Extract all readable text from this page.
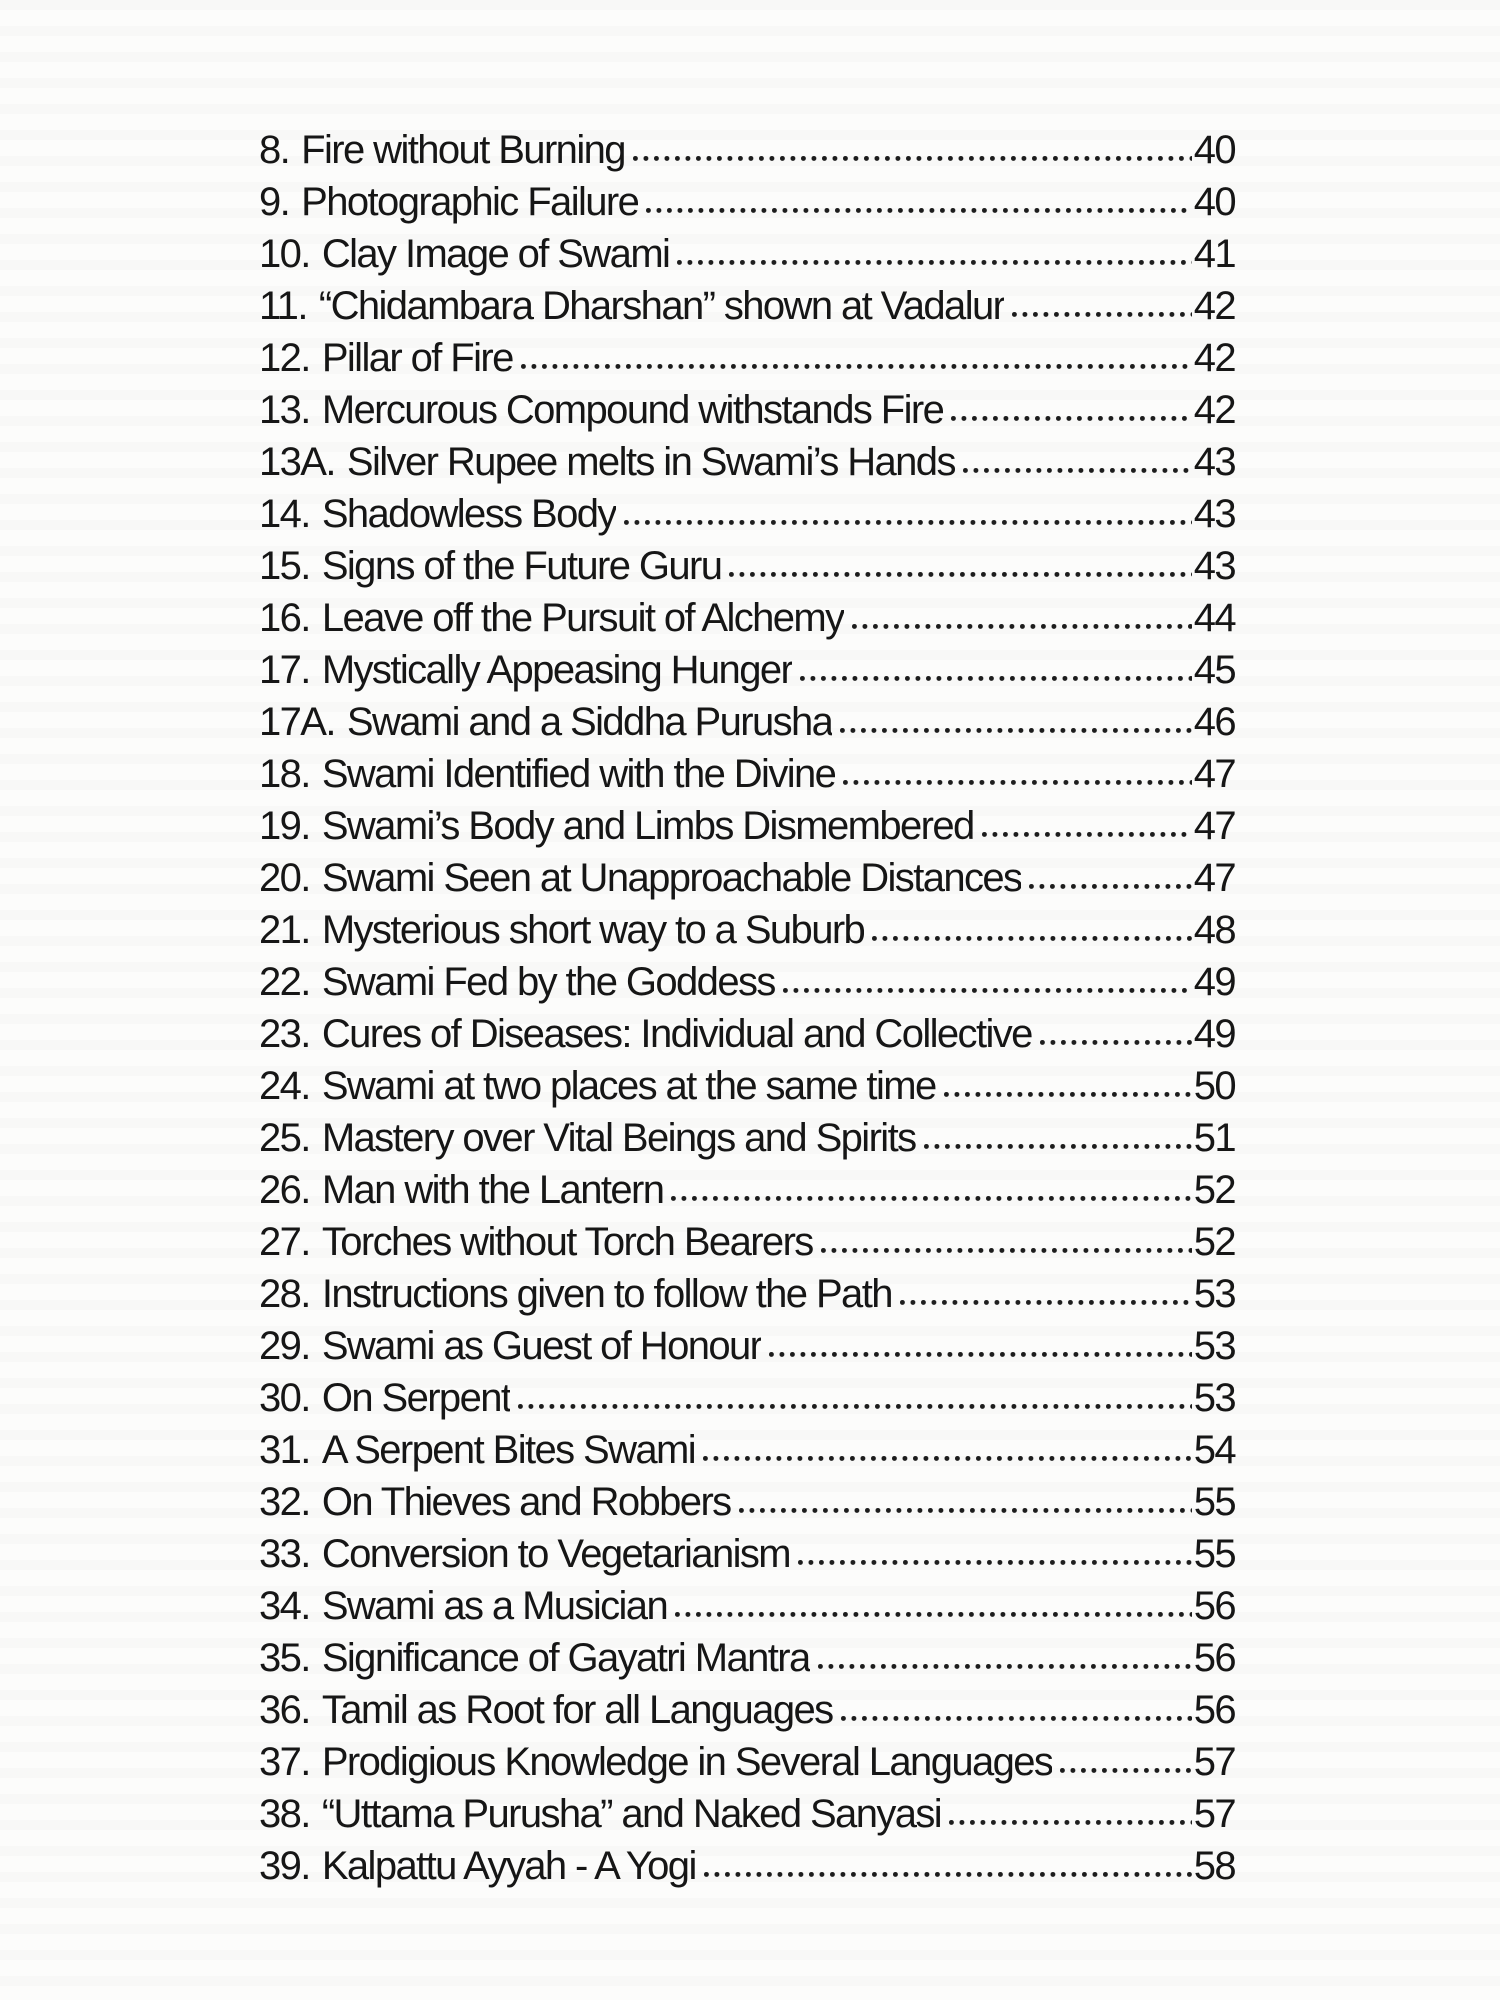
8. Fire without Burning	40
9. Photographic Failure	40
10. Clay Image of Swami	41
11. “Chidambara Dharshan” shown at Vadalur	42
12. Pillar of Fire	42
13. Mercurous Compound withstands Fire	42
13A. Silver Rupee melts in Swami’s Hands	43
14. Shadowless Body	43
15. Signs of the Future Guru	43
16. Leave off the Pursuit of Alchemy	44
17. Mystically Appeasing Hunger	45
17A. Swami and a Siddha Purusha	46
18. Swami Identified with the Divine	47
19. Swami’s Body and Limbs Dismembered	47
20. Swami Seen at Unapproachable Distances	47
21. Mysterious short way to a Suburb	48
22. Swami Fed by the Goddess	49
23. Cures of Diseases: Individual and Collective	49
24. Swami at two places at the same time	50
25. Mastery over Vital Beings and Spirits	51
26. Man with the Lantern	52
27. Torches without Torch Bearers	52
28. Instructions given to follow the Path	53
29. Swami as Guest of Honour	53
30. On Serpent	53
31. A Serpent Bites Swami	54
32. On Thieves and Robbers	55
33. Conversion to Vegetarianism	55
34. Swami as a Musician	56
35. Significance of Gayatri Mantra	56
36. Tamil as Root for all Languages	56
37. Prodigious Knowledge in Several Languages	57
38. “Uttama Purusha” and Naked Sanyasi	57
39. Kalpattu Ayyah - A Yogi	58
